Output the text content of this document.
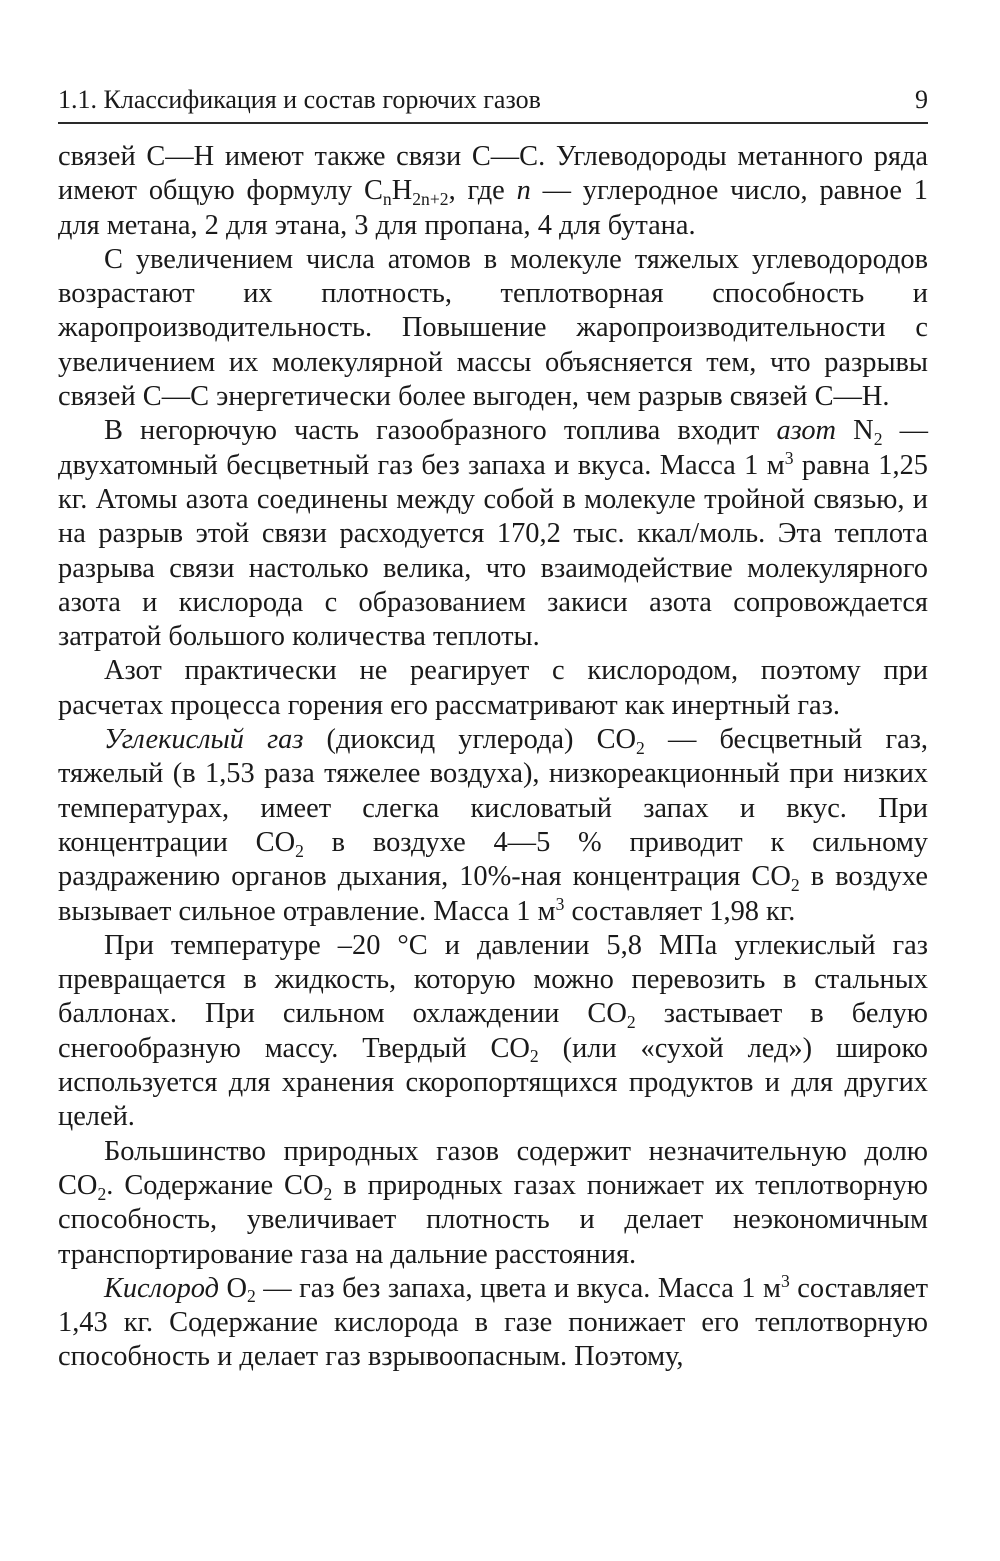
1.1. Классификация и состав горючих газов	9

связей С—Н имеют также связи С—С. Углеводороды метанного ряда имеют общую формулу $С_nН_{2n+2}$, где n — углеродное число, равное 1 для метана, 2 для этана, 3 для пропана, 4 для бутана.

С увеличением числа атомов в молекуле тяжелых углеводородов возрастают их плотность, теплотворная способность и жаропроизводительность. Повышение жаропроизводительности с увеличением их молекулярной массы объясняется тем, что разрывы связей С—С энергетически более выгоден, чем разрыв связей С—Н.

В негорючую часть газообразного топлива входит азот $N_2$ — двухатомный бесцветный газ без запаха и вкуса. Масса 1 $м^3$ равна 1,25 кг. Атомы азота соединены между собой в молекуле тройной связью, и на разрыв этой связи расходуется 170,2 тыс. ккал/моль. Эта теплота разрыва связи настолько велика, что взаимодействие молекулярного азота и кислорода с образованием закиси азота сопровождается затратой большого количества теплоты.

Азот практически не реагирует с кислородом, поэтому при расчетах процесса горения его рассматривают как инертный газ.

Углекислый газ (диоксид углерода) $СО_2$ — бесцветный газ, тяжелый (в 1,53 раза тяжелее воздуха), низкореакционный при низких температурах, имеет слегка кисловатый запах и вкус. При концентрации $СО_2$ в воздухе 4—5 % приводит к сильному раздражению органов дыхания, 10%-ная концентрация $СО_2$ в воздухе вызывает сильное отравление. Масса 1 $м^3$ составляет 1,98 кг.

При температуре –20 °С и давлении 5,8 МПа углекислый газ превращается в жидкость, которую можно перевозить в стальных баллонах. При сильном охлаждении $СО_2$ застывает в белую снегообразную массу. Твердый $СО_2$ (или «сухой лед») широко используется для хранения скоропортящихся продуктов и для других целей.

Большинство природных газов содержит незначительную долю $СО_2$. Содержание $СО_2$ в природных газах понижает их теплотворную способность, увеличивает плотность и делает неэкономичным транспортирование газа на дальние расстояния.

Кислород $O_2$ — газ без запаха, цвета и вкуса. Масса 1 $м^3$ составляет 1,43 кг. Содержание кислорода в газе понижает его теплотворную способность и делает газ взрывоопасным. Поэтому,
